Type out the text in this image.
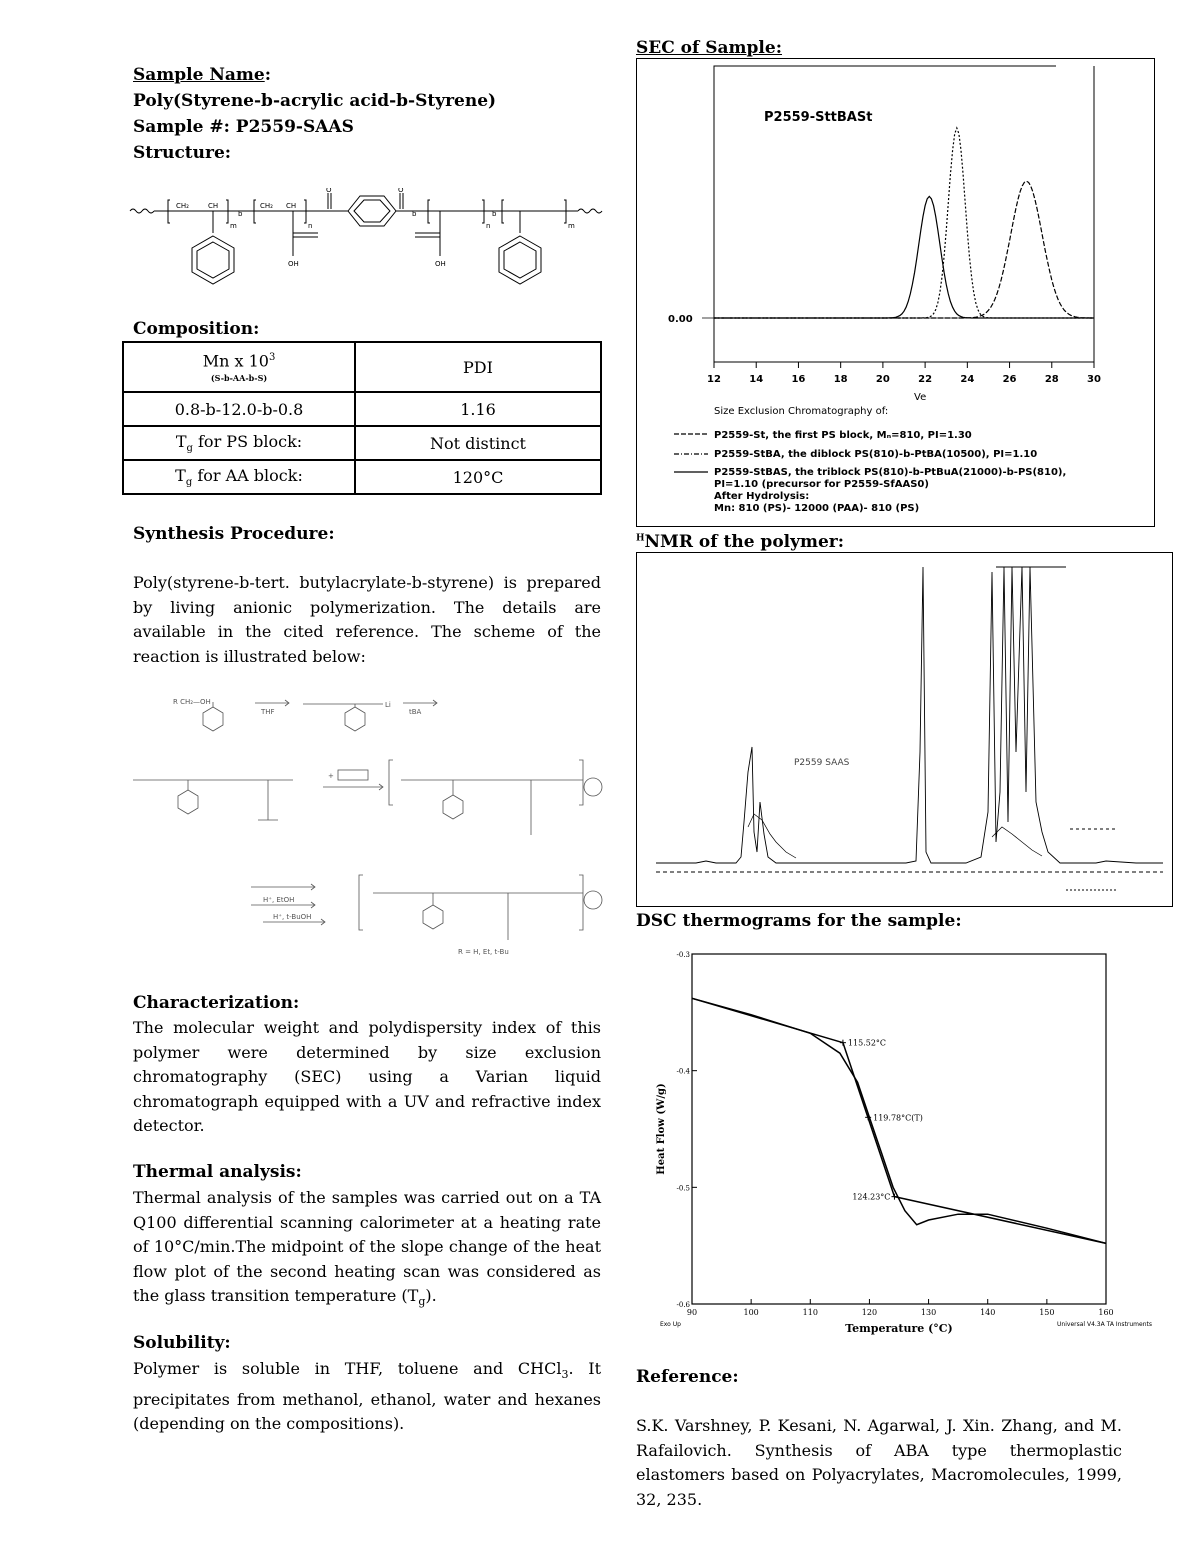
Sample Name:
Poly(Styrene-b-acrylic acid-b-Styrene)
Sample #: P2559-SAAS
Structure:
CH₂	CH	CH₂ CH
m
b
n
b
n
b
m
O	O
OH	OH
Composition:
Mn x $10^3$
(S-b-AA-b-S)	PDI
0.8-b-12.0-b-0.8	1.16
$T_g$ for PS block:	Not distinct
$T_g$ for AA block:	120°C
Synthesis Procedure:
Poly(styrene-b-tert. butylacrylate-b-styrene) is prepared by living anionic polymerization. The details are available in the cited reference. The scheme of the reaction is illustrated below:
R CH₂—OH	Li
THF	tBA
+
H⁺, EtOH
H⁺, t-BuOH
R = H, Et, t-Bu
Characterization:
The molecular weight and polydispersity index of this polymer were determined by size exclusion chromatography (SEC) using a Varian liquid chromatograph equipped with a UV and refractive index detector.
Thermal analysis:
Thermal analysis of the samples was carried out on a TA Q100 differential scanning calorimeter at a heating rate of 10°C/min.The midpoint of the slope change of the heat flow plot of the second heating scan was considered as the glass transition temperature $(T_g)$.
Solubility:
Polymer is soluble in THF, toluene and CHCl$_3$. It precipitates from methanol, ethanol, water and hexanes (depending on the compositions).
SEC of Sample:
P2559-SttBASt
0.00
12	14	16	18	20	22	24	26	28	30
Ve
Size Exclusion Chromatography of:
P2559-St, the first PS block, Mₙ=810, PI=1.30
P2559-StBA, the diblock PS(810)-b-PtBA(10500), PI=1.10
P2559-StBAS, the triblock PS(810)-b-PtBuA(21000)-b-PS(810),
PI=1.10 (precursor for P2559-SfAAS0)
After Hydrolysis:
Mn: 810 (PS)- 12000 (PAA)- 810 (PS)
$^H$NMR of the polymer:
P2559 SAAS
DSC thermograms for the sample:
90	100	110	120	130	140	150	160
-0.3
-0.4
-0.5
-0.6
115.52°C
119.78°C(T)
124.23°C
Heat Flow (W/g)
Temperature (°C)
Exo Up	Universal V4.3A TA Instruments
Reference:
S.K. Varshney, P. Kesani, N. Agarwal, J. Xin. Zhang, and M. Rafailovich. Synthesis of ABA type thermoplastic elastomers based on Polyacrylates, Macromolecules, 1999, 32, 235.
